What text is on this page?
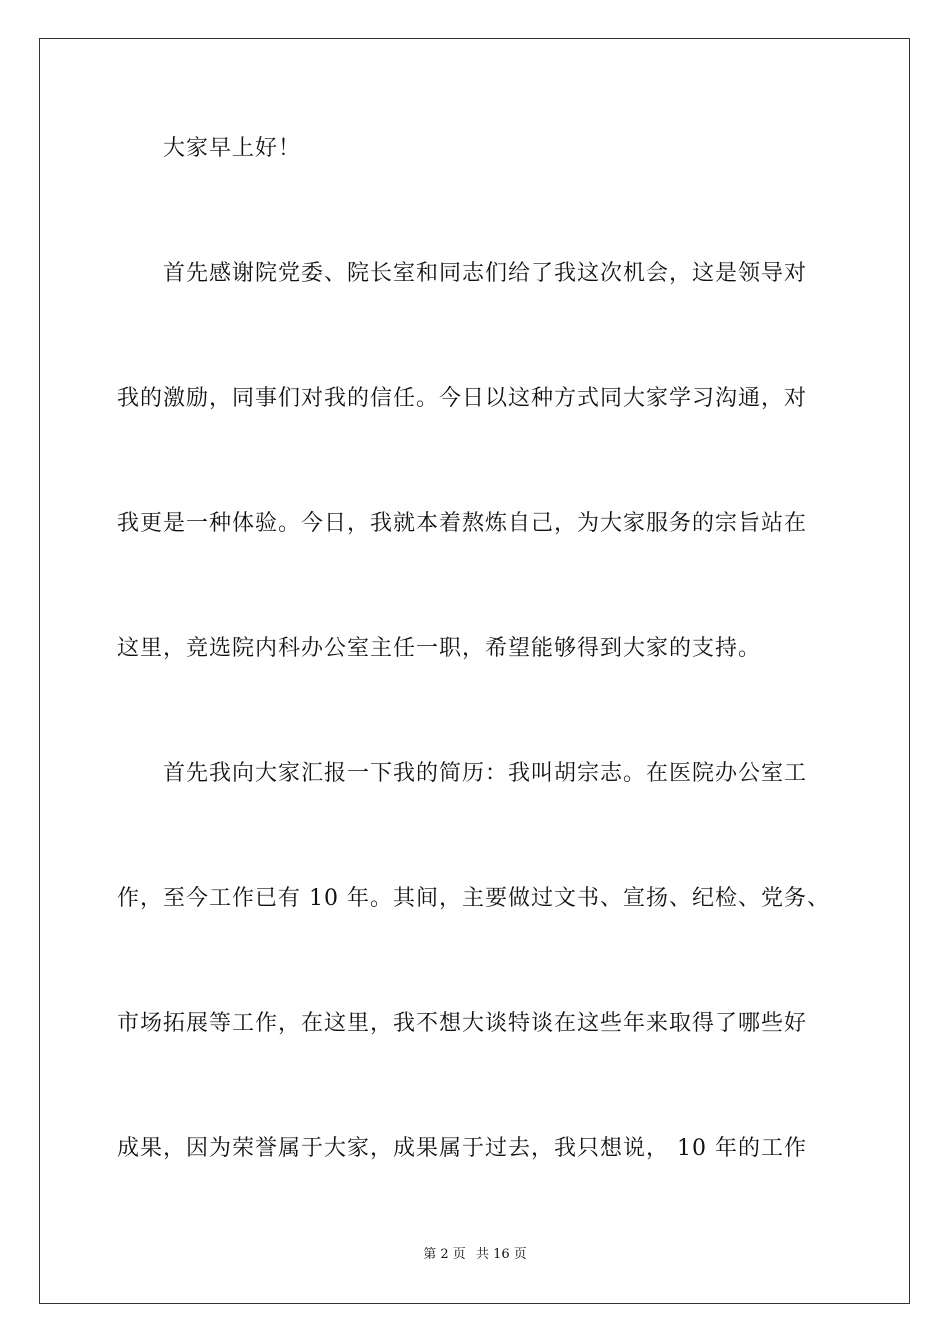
大家早上好！
首先感谢院党委、院长室和同志们给了我这次机会，这是领导对
我的激励，同事们对我的信任。今日以这种方式同大家学习沟通，对
我更是一种体验。今日，我就本着熬炼自己，为大家服务的宗旨站在
这里，竞选院内科办公室主任一职，希望能够得到大家的支持。
首先我向大家汇报一下我的简历：我叫胡宗志。在医院办公室工
作，至今工作已有 10 年。其间，主要做过文书、宣扬、纪检、党务、
市场拓展等工作，在这里，我不想大谈特谈在这些年来取得了哪些好
成果，因为荣誉属于大家，成果属于过去，我只想说， 10 年的工作
第 2 页 共 16 页
